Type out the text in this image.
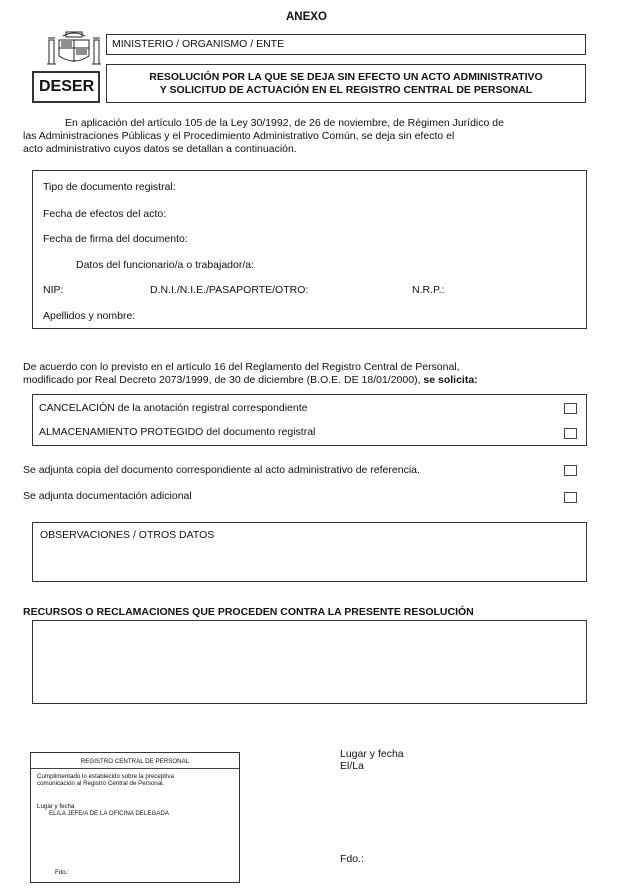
ANEXO
MINISTERIO / ORGANISMO / ENTE
DESER
RESOLUCIÓN POR LA QUE SE DEJA SIN EFECTO UN ACTO ADMINISTRATIVO
Y SOLICITUD DE ACTUACIÓN EN EL REGISTRO CENTRAL DE PERSONAL
En aplicación del artículo 105 de la Ley 30/1992, de 26 de noviembre, de Régimen Jurídico de
las Administraciones Públicas y el Procedimiento Administrativo Común, se deja sin efecto el
acto administrativo cuyos datos se detallan a continuación.
Tipo de documento registral:
Fecha de efectos del acto:
Fecha de firma del documento:
Datos del funcionario/a o trabajador/a:
NIP:	D.N.I./N.I.E./PASAPORTE/OTRO:	N.R.P.:
Apellidos y nombre:
De acuerdo con lo previsto en el artículo 16 del Reglamento del Registro Central de Personal,
modificado por Real Decreto 2073/1999, de 30 de diciembre (B.O.E. DE 18/01/2000), se solicita:
CANCELACIÓN de la anotación registral correspondiente
ALMACENAMIENTO PROTEGIDO del documento registral
Se adjunta copia del documento correspondiente al acto administrativo de referencia.
Se adjunta documentación adicional
OBSERVACIONES / OTROS DATOS
RECURSOS O RECLAMACIONES QUE PROCEDEN CONTRA LA PRESENTE RESOLUCIÓN
REGISTRO CENTRAL DE PERSONAL
Cumplimentado lo establecido sobre la preceptiva
comunicación al Registro Central de Personal.
Lugar y fecha
EL/LA JEFE/A DE LA OFICINA DELEGADA
Fdo.:
Lugar y fecha
El/La
Fdo.:
